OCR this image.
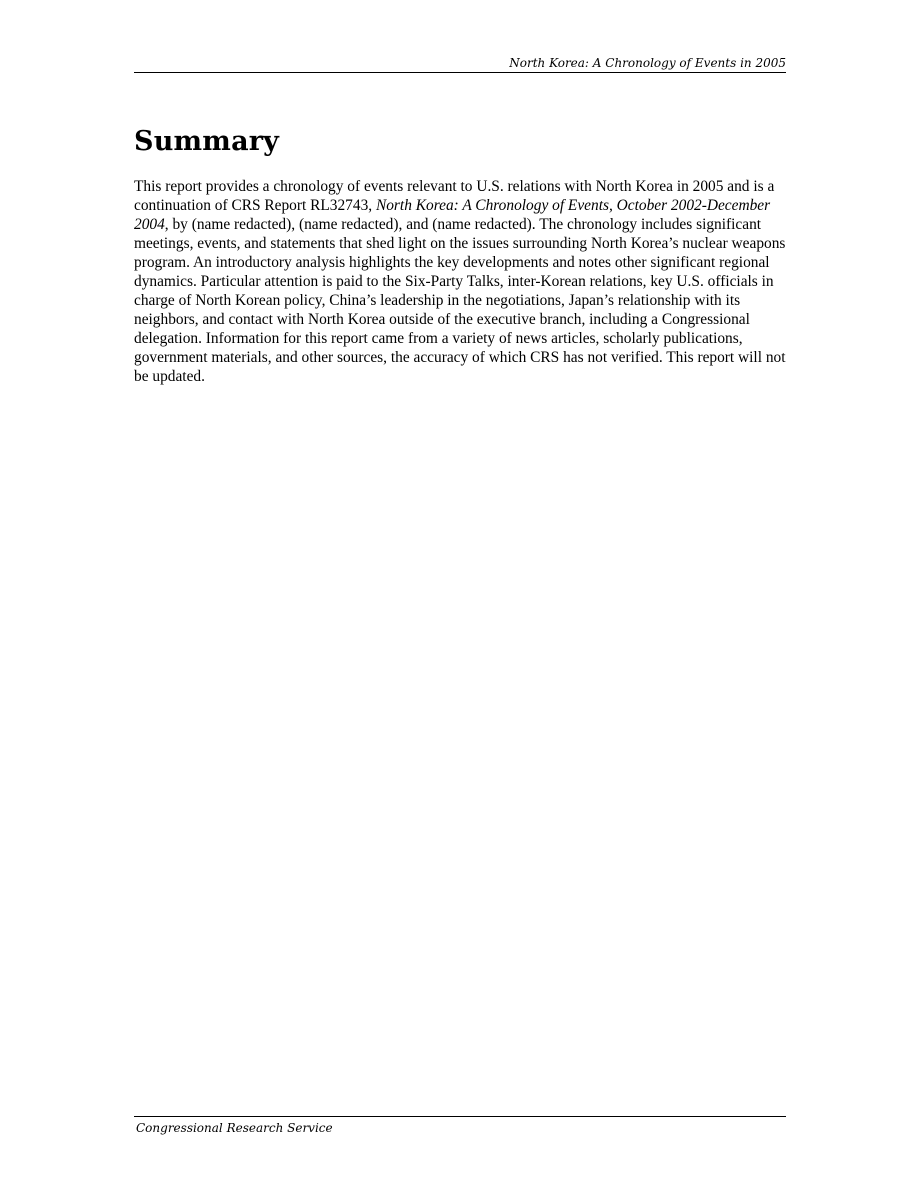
North Korea: A Chronology of Events in 2005
Summary

This report provides a chronology of events relevant to U.S. relations with North Korea in 2005 and is a continuation of CRS Report RL32743, North Korea: A Chronology of Events, October 2002-December 2004, by (name redacted), (name redacted), and (name redacted). The chronology includes significant meetings, events, and statements that shed light on the issues surrounding North Korea’s nuclear weapons program. An introductory analysis highlights the key developments and notes other significant regional dynamics. Particular attention is paid to the Six-Party Talks, inter-Korean relations, key U.S. officials in charge of North Korean policy, China’s leadership in the negotiations, Japan’s relationship with its neighbors, and contact with North Korea outside of the executive branch, including a Congressional delegation. Information for this report came from a variety of news articles, scholarly publications, government materials, and other sources, the accuracy of which CRS has not verified. This report will not be updated.

Congressional Research Service
